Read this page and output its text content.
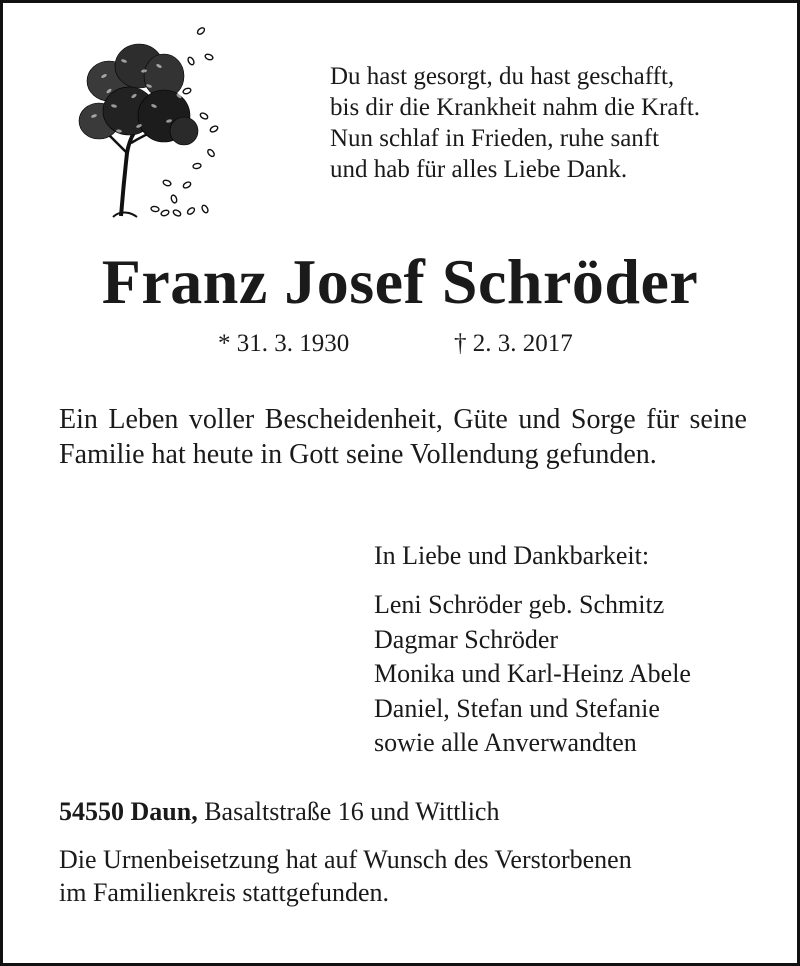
Du hast gesorgt, du hast geschafft,
bis dir die Krankheit nahm die Kraft.
Nun schlaf in Frieden, ruhe sanft
und hab für alles Liebe Dank.
Franz Josef Schröder
* 31. 3. 1930	† 2. 3. 2017
Ein Leben voller Bescheidenheit, Güte und Sorge für seine Familie hat heute in Gott seine Vollendung gefunden.
In Liebe und Dankbarkeit:
Leni Schröder geb. Schmitz
Dagmar Schröder
Monika und Karl-Heinz Abele
Daniel, Stefan und Stefanie
sowie alle Anverwandten
54550 Daun, Basaltstraße 16 und Wittlich
Die Urnenbeisetzung hat auf Wunsch des Verstorbenen
im Familienkreis stattgefunden.
